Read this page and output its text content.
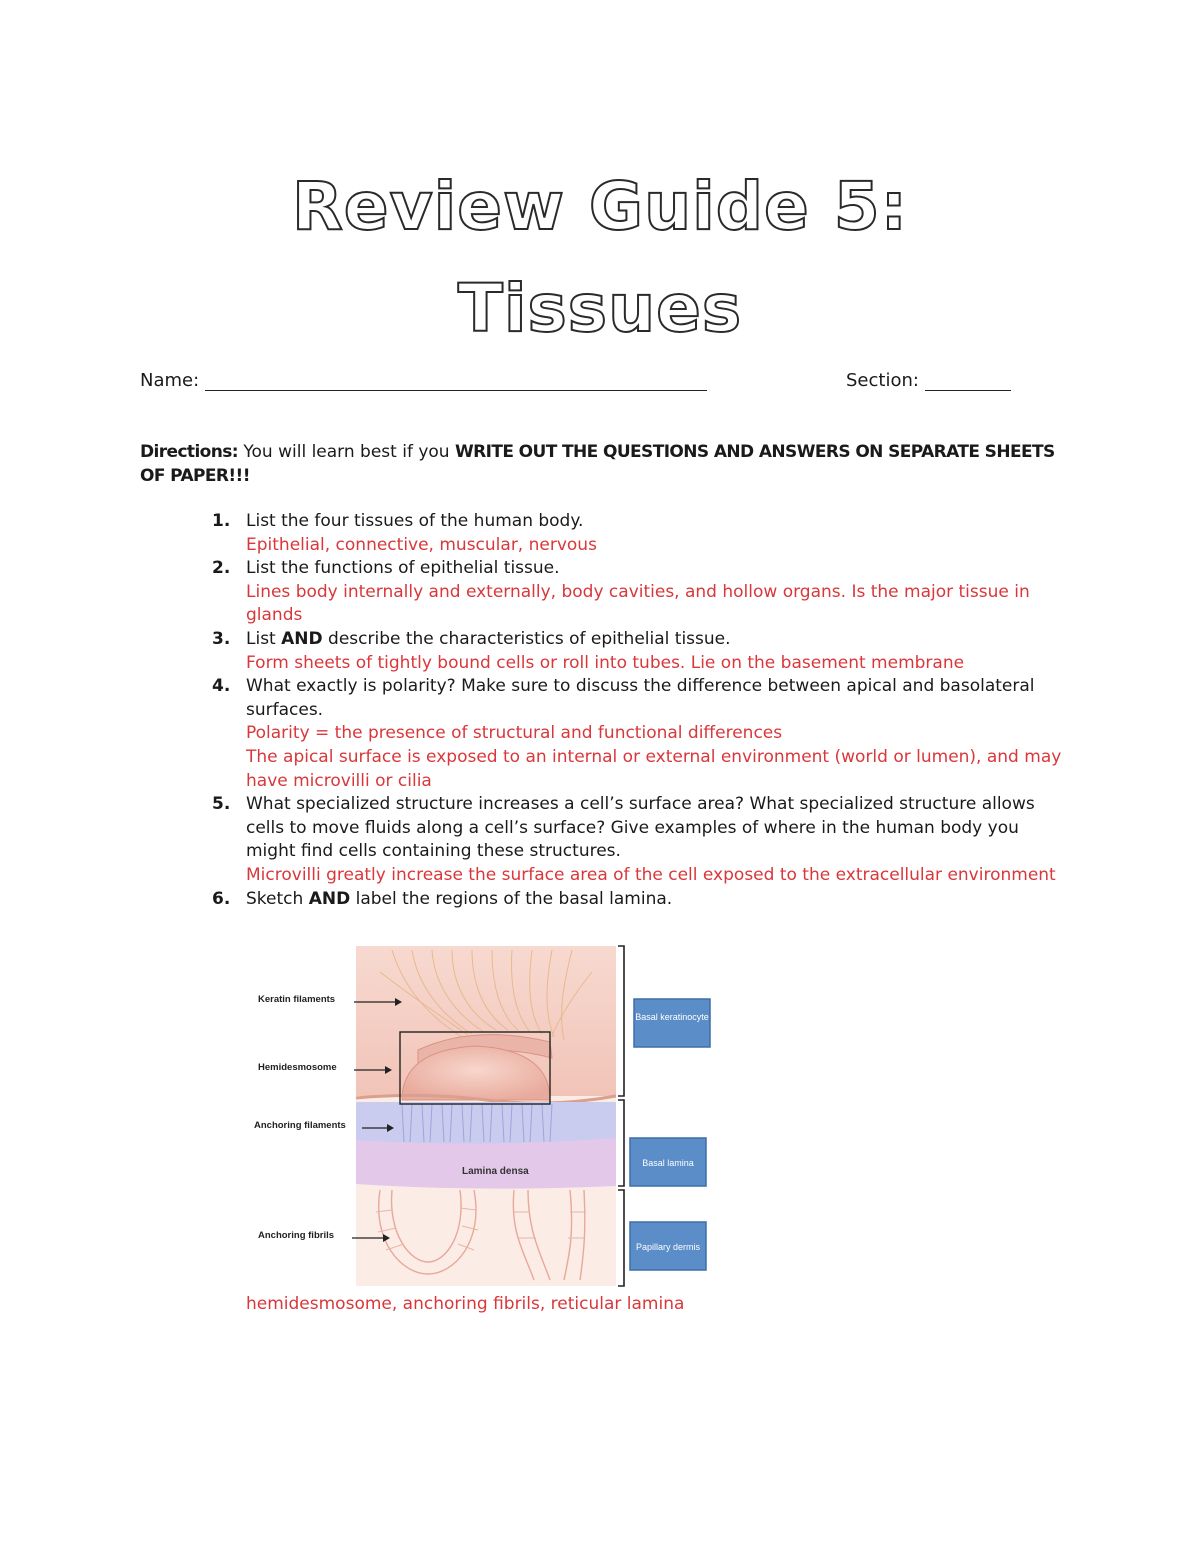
Review Guide 5:
Tissues
Name:	Section:
Directions: You will learn best if you WRITE OUT THE QUESTIONS AND ANSWERS ON SEPARATE SHEETS OF PAPER!!!
1. List the four tissues of the human body.
Epithelial, connective, muscular, nervous
2. List the functions of epithelial tissue.
Lines body internally and externally, body cavities, and hollow organs. Is the major tissue in glands
3. List AND describe the characteristics of epithelial tissue.
Form sheets of tightly bound cells or roll into tubes. Lie on the basement membrane
4. What exactly is polarity? Make sure to discuss the difference between apical and basolateral surfaces.
Polarity = the presence of structural and functional differences
The apical surface is exposed to an internal or external environment (world or lumen), and may have microvilli or cilia
5. What specialized structure increases a cell’s surface area? What specialized structure allows cells to move fluids along a cell’s surface? Give examples of where in the human body you might find cells containing these structures.
Microvilli greatly increase the surface area of the cell exposed to the extracellular environment
6. Sketch AND label the regions of the basal lamina.
Lamina densa
Keratin filaments
Hemidesmosome
Anchoring filaments
Anchoring fibrils
Basal keratinocyte
Basal lamina
Papillary dermis
hemidesmosome, anchoring fibrils, reticular lamina
